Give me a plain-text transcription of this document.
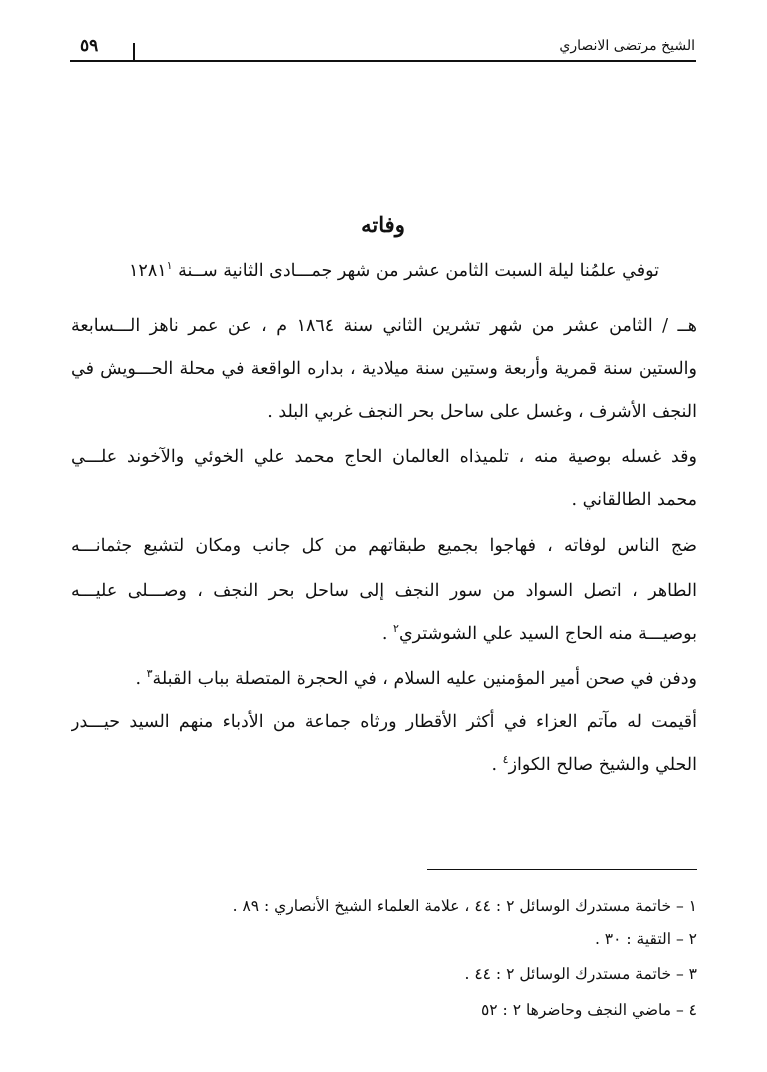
الشيخ مرتضى الانصاري
٥٩
وفاته
توفي علمُنا ليلة السبت الثامن عشر من شهر جمـــادى الثانية ســنة ١٢٨١$^١$
هــ / الثامن عشر من شهر تشرين الثاني سنة ١٨٦٤ م ، عن عمر ناهز الـــسابعة
والستين سنة قمرية وأربعة وستين سنة ميلادية ، بداره الواقعة في محلة الحـــويش في
النجف الأشرف ، وغسل على ساحل بحر النجف غربي البلد .
وقد غسله بوصية منه ، تلميذاه العالمان الحاج محمد علي الخوئي والآخوند علـــي
محمد الطالقاني .
ضج الناس لوفاته ، فهاجوا بجميع طبقاتهم من كل جانب ومكان لتشيع جثمانـــه
الطاهر ، اتصل السواد من سور النجف إلى ساحل بحر النجف ، وصـــلى عليـــه
بوصيـــة منه الحاج السيد علي الشوشتري$^٢$ .
ودفن في صحن أمير المؤمنين عليه السلام ، في الحجرة المتصلة بباب القبلة$^٣$ .
أقيمت له مآتم العزاء في أكثر الأقطار ورثاه جماعة من الأدباء منهم السيد حيـــدر
الحلي والشيخ صالح الكواز$^٤$ .
١ – خاتمة مستدرك الوسائل ٢ : ٤٤ ، علامة العلماء الشيخ الأنصاري : ٨٩ .
٢ – التقية : ٣٠ .
٣ – خاتمة مستدرك الوسائل ٢ : ٤٤ .
٤ – ماضي النجف وحاضرها ٢ : ٥٢
